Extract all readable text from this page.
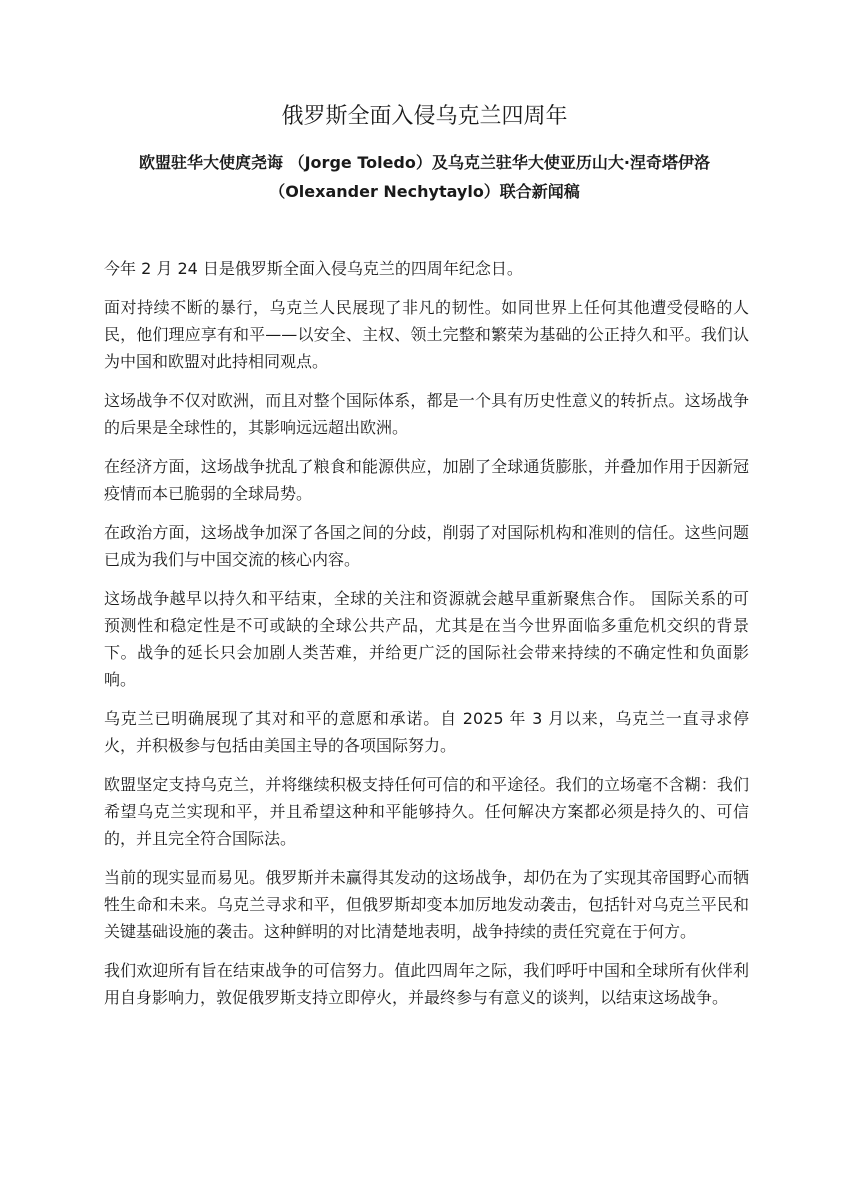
俄罗斯全面入侵乌克兰四周年
欧盟驻华大使庹尧诲 （Jorge Toledo）及乌克兰驻华大使亚历山大·涅奇塔伊洛
（Olexander Nechytaylo）联合新闻稿

今年 2 月 24 日是俄罗斯全面入侵乌克兰的四周年纪念日。

面对持续不断的暴行，乌克兰人民展现了非凡的韧性。如同世界上任何其他遭受侵略的人民，他们理应享有和平——以安全、主权、领土完整和繁荣为基础的公正持久和平。我们认为中国和欧盟对此持相同观点。

这场战争不仅对欧洲，而且对整个国际体系，都是一个具有历史性意义的转折点。这场战争的后果是全球性的，其影响远远超出欧洲。

在经济方面，这场战争扰乱了粮食和能源供应，加剧了全球通货膨胀，并叠加作用于因新冠疫情而本已脆弱的全球局势。

在政治方面，这场战争加深了各国之间的分歧，削弱了对国际机构和准则的信任。这些问题已成为我们与中国交流的核心内容。

这场战争越早以持久和平结束，全球的关注和资源就会越早重新聚焦合作。 国际关系的可预测性和稳定性是不可或缺的全球公共产品，尤其是在当今世界面临多重危机交织的背景下。战争的延长只会加剧人类苦难，并给更广泛的国际社会带来持续的不确定性和负面影响。

乌克兰已明确展现了其对和平的意愿和承诺。自 2025 年 3 月以来，乌克兰一直寻求停火，并积极参与包括由美国主导的各项国际努力。

欧盟坚定支持乌克兰，并将继续积极支持任何可信的和平途径。我们的立场毫不含糊：我们希望乌克兰实现和平，并且希望这种和平能够持久。任何解决方案都必须是持久的、可信的，并且完全符合国际法。

当前的现实显而易见。俄罗斯并未赢得其发动的这场战争，却仍在为了实现其帝国野心而牺牲生命和未来。乌克兰寻求和平，但俄罗斯却变本加厉地发动袭击，包括针对乌克兰平民和关键基础设施的袭击。这种鲜明的对比清楚地表明，战争持续的责任究竟在于何方。

我们欢迎所有旨在结束战争的可信努力。值此四周年之际，我们呼吁中国和全球所有伙伴利用自身影响力，敦促俄罗斯支持立即停火，并最终参与有意义的谈判，以结束这场战争。
